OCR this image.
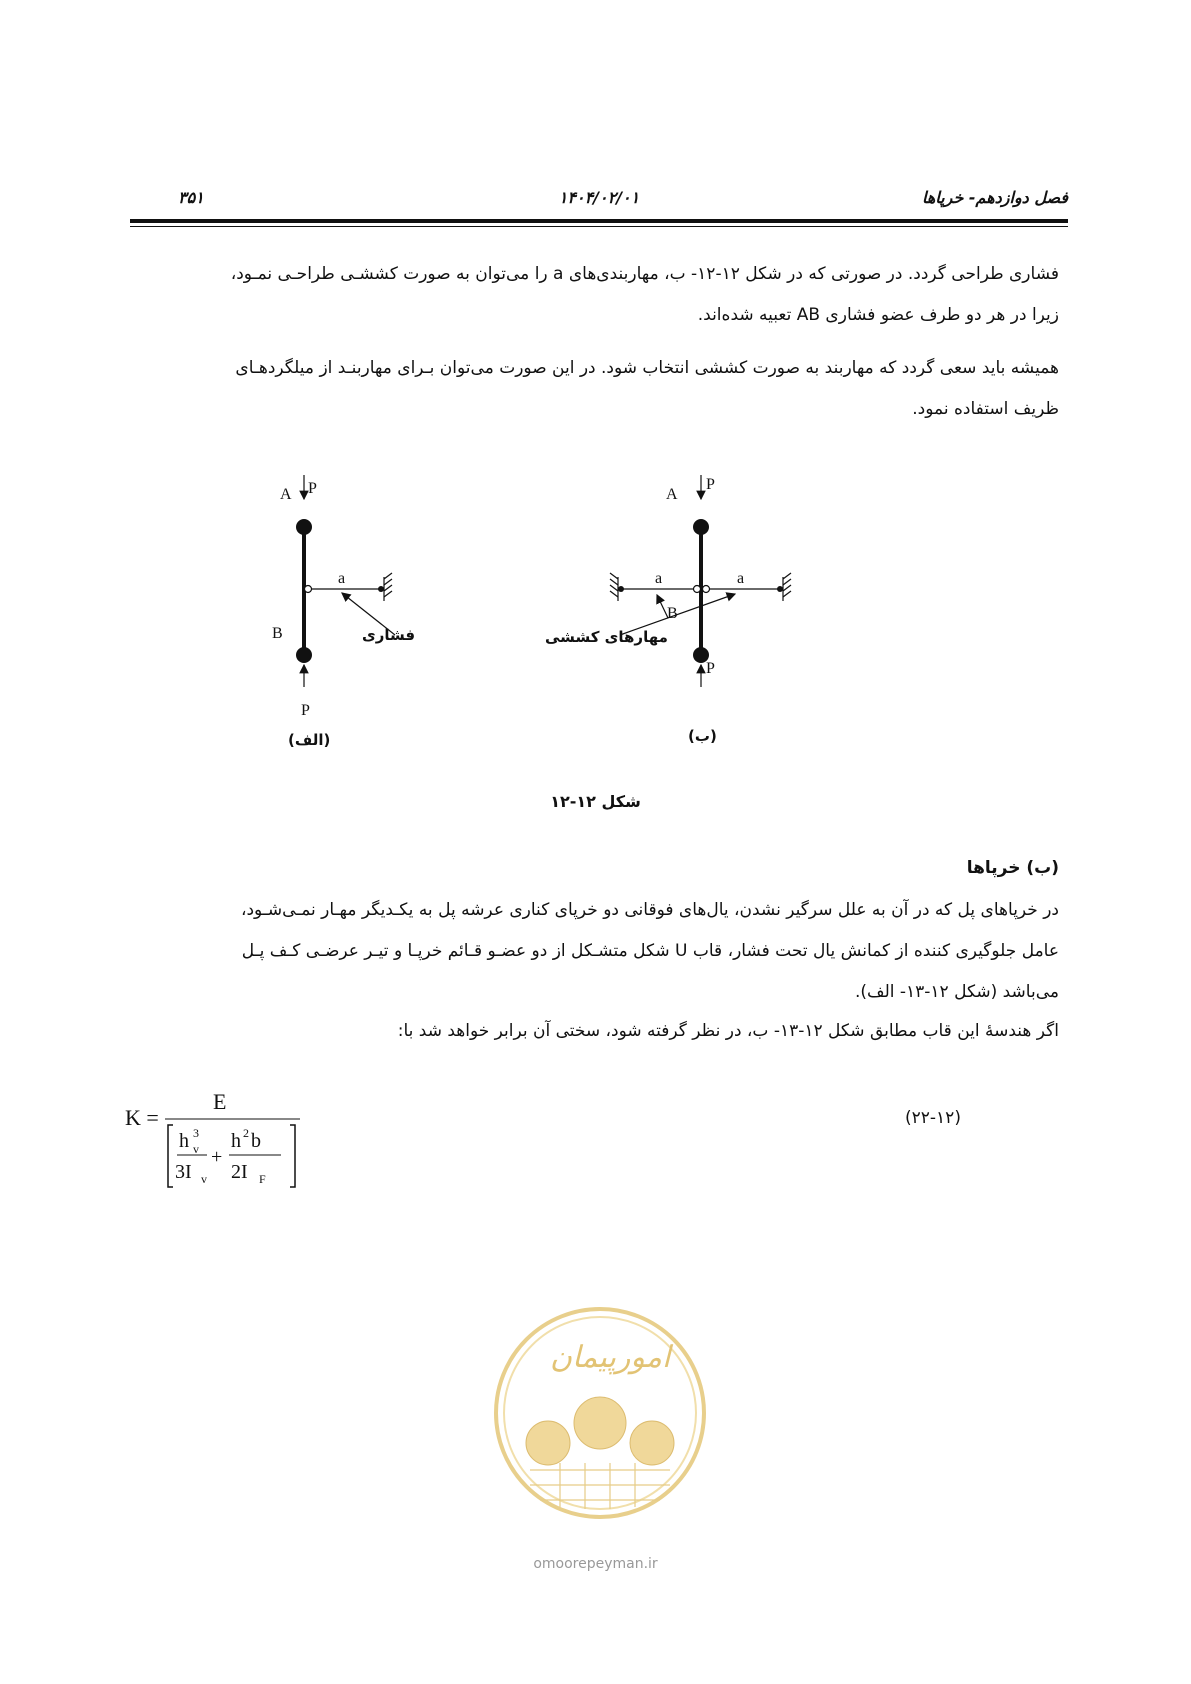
فصل دوازدهم- خرپاها
۱۴۰۴/۰۲/۰۱
۳۵۱
فشاری طراحی گردد. در صورتی که در شکل ۱۲-۱۲- ب، مهاربندی‌های a را می‌توان به صورت کششـی طراحـی نمـود،
زیرا در هر دو طرف عضو فشاری AB تعبیه شده‌اند.
همیشه باید سعی گردد که مهاربند به صورت کششی انتخاب شود. در این صورت می‌توان بـرای مهاربنـد از میلگردهـای
ظریف استفاده نمود.
A P
a
فشاری
B
P
(الف)
A
P
a	a
مهارهای کششی
B
P
(ب)
شکل ۱۲-۱۲
(ب) خرپاها
در خرپاهای پل که در آن به علل سرگیر نشدن، یال‌های فوقانی دو خرپای کناری عرشه پل به یکـدیگر مهـار نمـی‌شـود،
عامل جلوگیری کننده از کمانش یال تحت فشار، قاب U شکل متشـکل از دو عضـو قـائم خرپـا و تیـر عرضـی کـف پـل
می‌باشد (شکل ۱۲-۱۳- الف).
اگر هندسهٔ این قاب مطابق شکل ۱۲-۱۳- ب، در نظر گرفته شود، سختی آن برابر خواهد شد با:
K =
E
h 3
v
3I v
+
h 2 b
2I F
(۲۲-۱۲)
امورپیمان
omoorepeyman.ir
